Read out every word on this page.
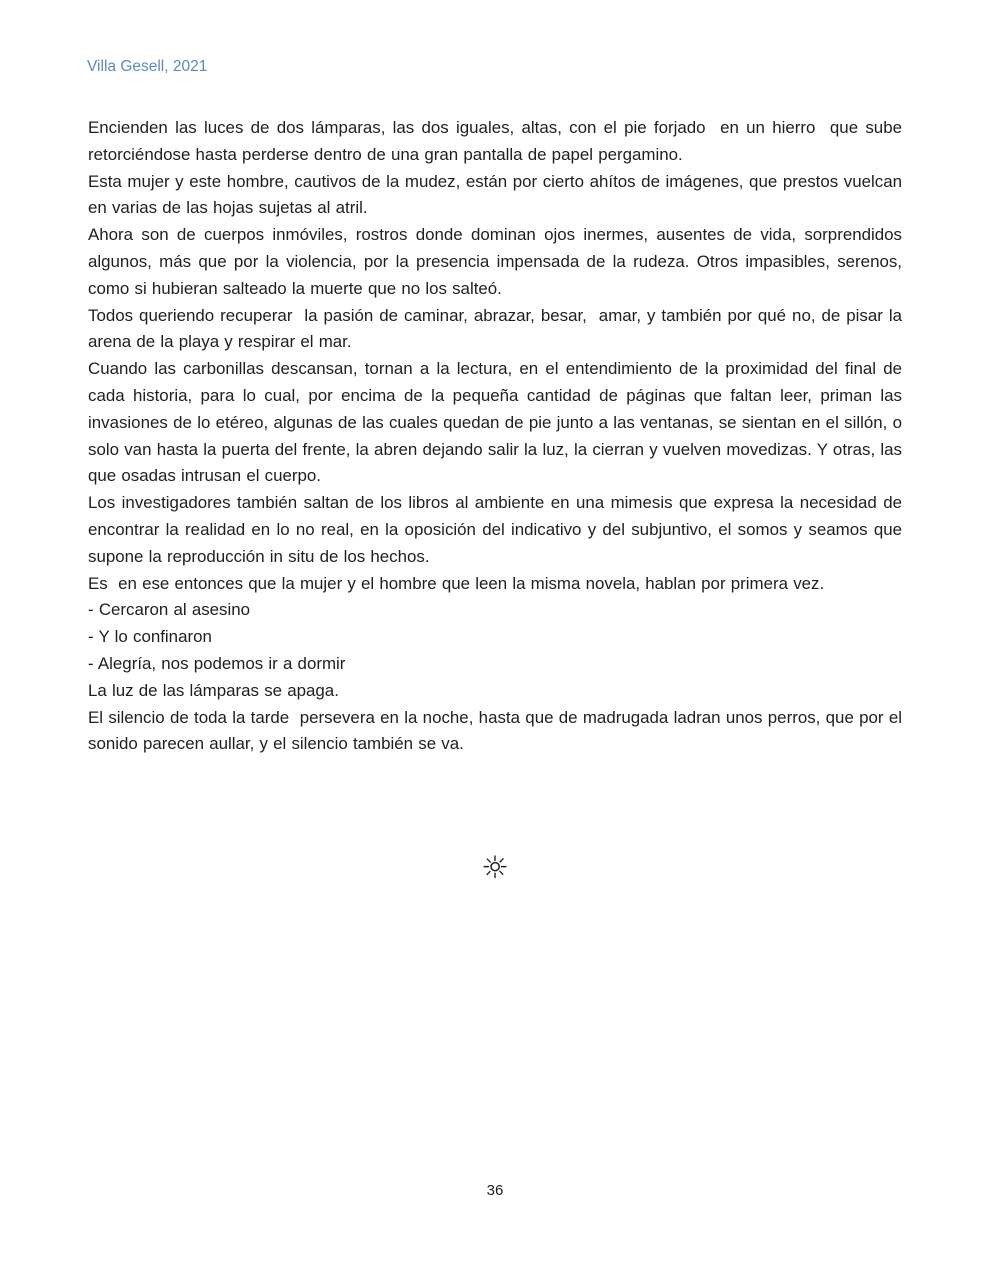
Villa Gesell, 2021

Encienden las luces de dos lámparas, las dos iguales, altas, con el pie forjado  en un hierro  que sube retorciéndose hasta perderse dentro de una gran pantalla de papel pergamino.

Esta mujer y este hombre, cautivos de la mudez, están por cierto ahítos de imágenes, que prestos vuelcan en varias de las hojas sujetas al atril.

Ahora son de cuerpos inmóviles, rostros donde dominan ojos inermes, ausentes de vida, sorprendidos algunos, más que por la violencia, por la presencia impensada de la rudeza. Otros impasibles, serenos, como si hubieran salteado la muerte que no los salteó.

Todos queriendo recuperar  la pasión de caminar, abrazar, besar,  amar, y también por qué no, de pisar la arena de la playa y respirar el mar.

Cuando las carbonillas descansan, tornan a la lectura, en el entendimiento de la proximidad del final de cada historia, para lo cual, por encima de la pequeña cantidad de páginas que faltan leer, priman las invasiones de lo etéreo, algunas de las cuales quedan de pie junto a las ventanas, se sientan en el sillón, o solo van hasta la puerta del frente, la abren dejando salir la luz, la cierran y vuelven movedizas. Y otras, las que osadas intrusan el cuerpo.

Los investigadores también saltan de los libros al ambiente en una mimesis que expresa la necesidad de encontrar la realidad en lo no real, en la oposición del indicativo y del subjuntivo, el somos y seamos que supone la reproducción in situ de los hechos.

Es  en ese entonces que la mujer y el hombre que leen la misma novela, hablan por primera vez.

- Cercaron al asesino

- Y lo confinaron

- Alegría, nos podemos ir a dormir

La luz de las lámparas se apaga.

El silencio de toda la tarde  persevera en la noche, hasta que de madrugada ladran unos perros, que por el sonido parecen aullar, y el silencio también se va.

☼
36
